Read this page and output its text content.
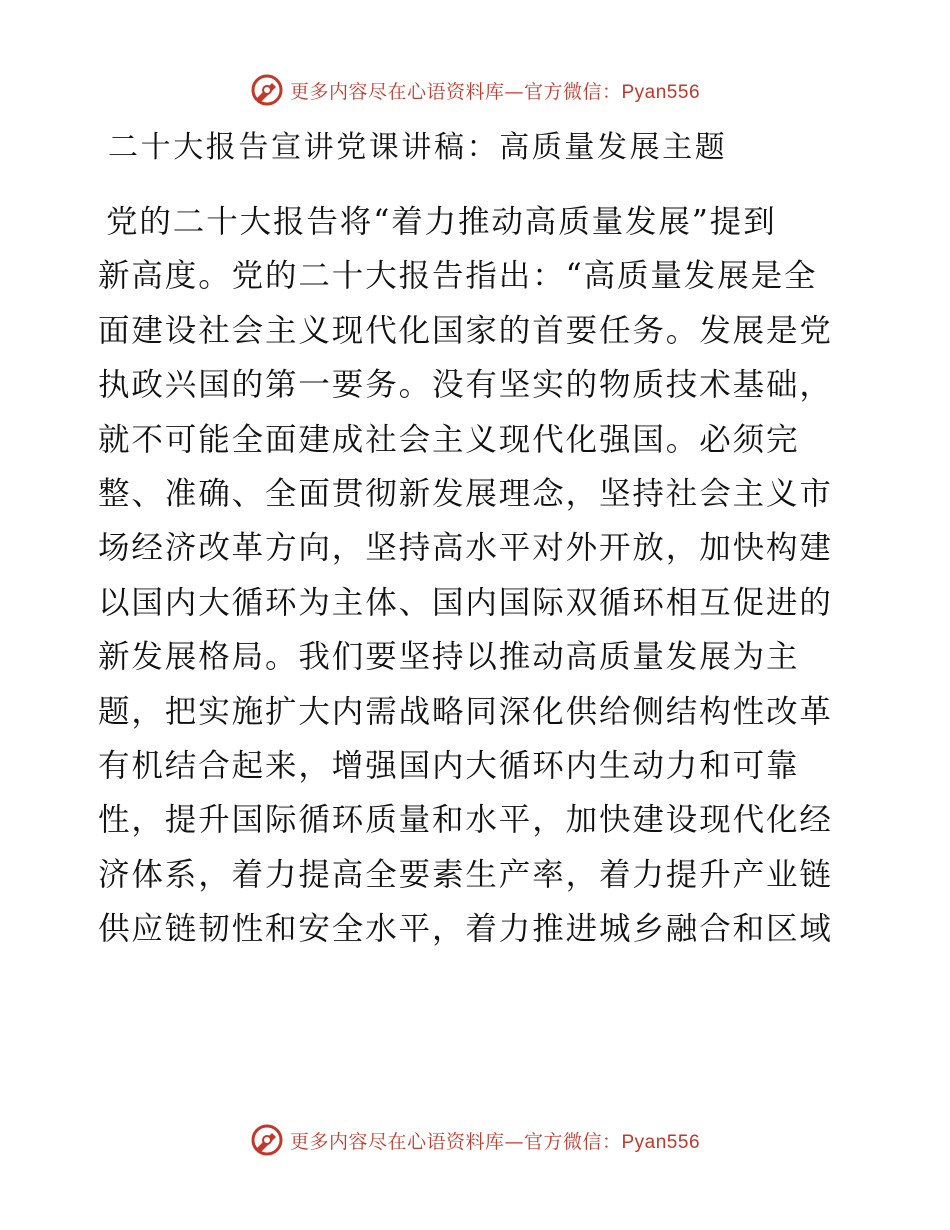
更多内容尽在心语资料库—官方微信：Pyan556
二十大报告宣讲党课讲稿：高质量发展主题
党的二十大报告将“着力推动高质量发展”提到
新高度。党的二十大报告指出：“高质量发展是全
面建设社会主义现代化国家的首要任务。发展是党
执政兴国的第一要务。没有坚实的物质技术基础，
就不可能全面建成社会主义现代化强国。必须完
整、准确、全面贯彻新发展理念，坚持社会主义市
场经济改革方向，坚持高水平对外开放，加快构建
以国内大循环为主体、国内国际双循环相互促进的
新发展格局。我们要坚持以推动高质量发展为主
题，把实施扩大内需战略同深化供给侧结构性改革
有机结合起来，增强国内大循环内生动力和可靠
性，提升国际循环质量和水平，加快建设现代化经
济体系，着力提高全要素生产率，着力提升产业链
供应链韧性和安全水平，着力推进城乡融合和区域
更多内容尽在心语资料库—官方微信：Pyan556
